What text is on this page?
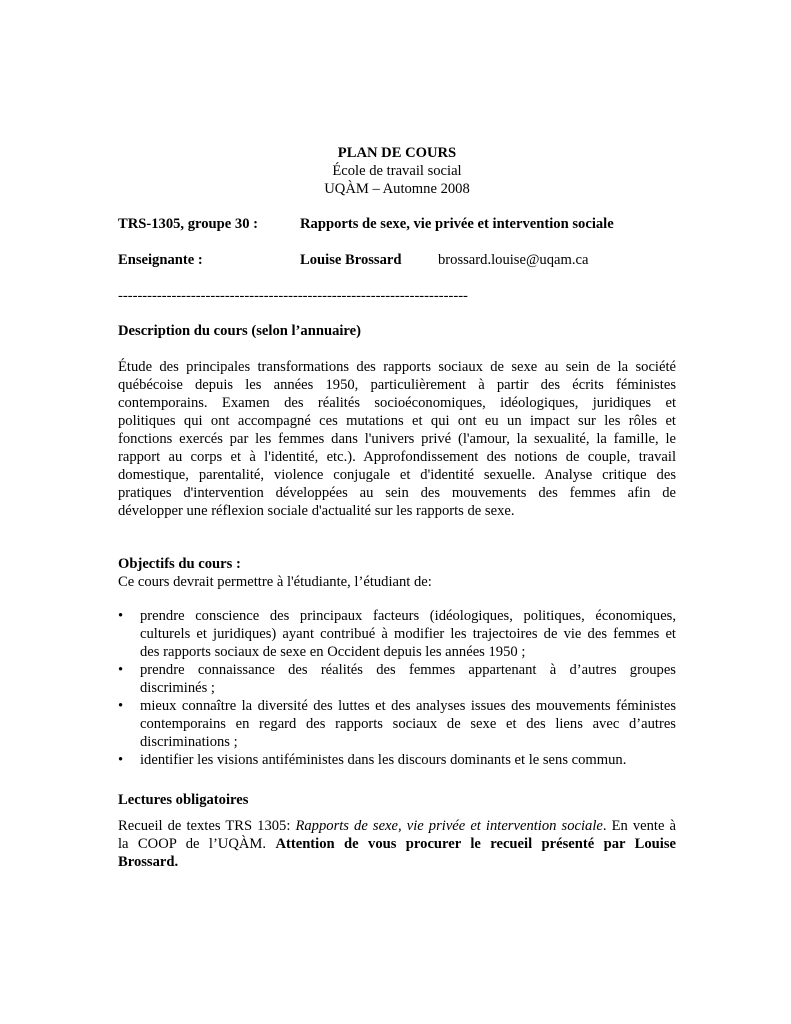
PLAN DE COURS
École de travail social
UQÀM – Automne 2008
TRS-1305, groupe 30 :	Rapports de sexe, vie privée et intervention sociale
Enseignante :	Louise Brossard brossard.louise@uqam.ca
------------------------------------------------------------------------
Description du cours (selon l’annuaire)
Étude des principales transformations des rapports sociaux de sexe au sein de la société
québécoise depuis les années 1950, particulièrement à partir des écrits féministes
contemporains. Examen des réalités socioéconomiques, idéologiques, juridiques et
politiques qui ont accompagné ces mutations et qui ont eu un impact sur les rôles et
fonctions exercés par les femmes dans l'univers privé (l'amour, la sexualité, la famille, le
rapport au corps et à l'identité, etc.). Approfondissement des notions de couple, travail
domestique, parentalité, violence conjugale et d'identité sexuelle. Analyse critique des
pratiques d'intervention développées au sein des mouvements des femmes afin de
développer une réflexion sociale d'actualité sur les rapports de sexe.
Objectifs du cours :
Ce cours devrait permettre à l'étudiante, l’étudiant de:
•	prendre conscience des principaux facteurs (idéologiques, politiques, économiques,
culturels et juridiques) ayant contribué à modifier les trajectoires de vie des femmes et
des rapports sociaux de sexe en Occident depuis les années 1950 ;
•	prendre connaissance des réalités des femmes appartenant à d’autres groupes
discriminés ;
•	mieux connaître la diversité des luttes et des analyses issues des mouvements féministes
contemporains en regard des rapports sociaux de sexe et des liens avec d’autres
discriminations ;
•	identifier les visions antiféministes dans les discours dominants et le sens commun.
Lectures obligatoires
Recueil de textes TRS 1305: Rapports de sexe, vie privée et intervention sociale. En vente à
la COOP de l’UQÀM. Attention de vous procurer le recueil présenté par Louise
Brossard.
